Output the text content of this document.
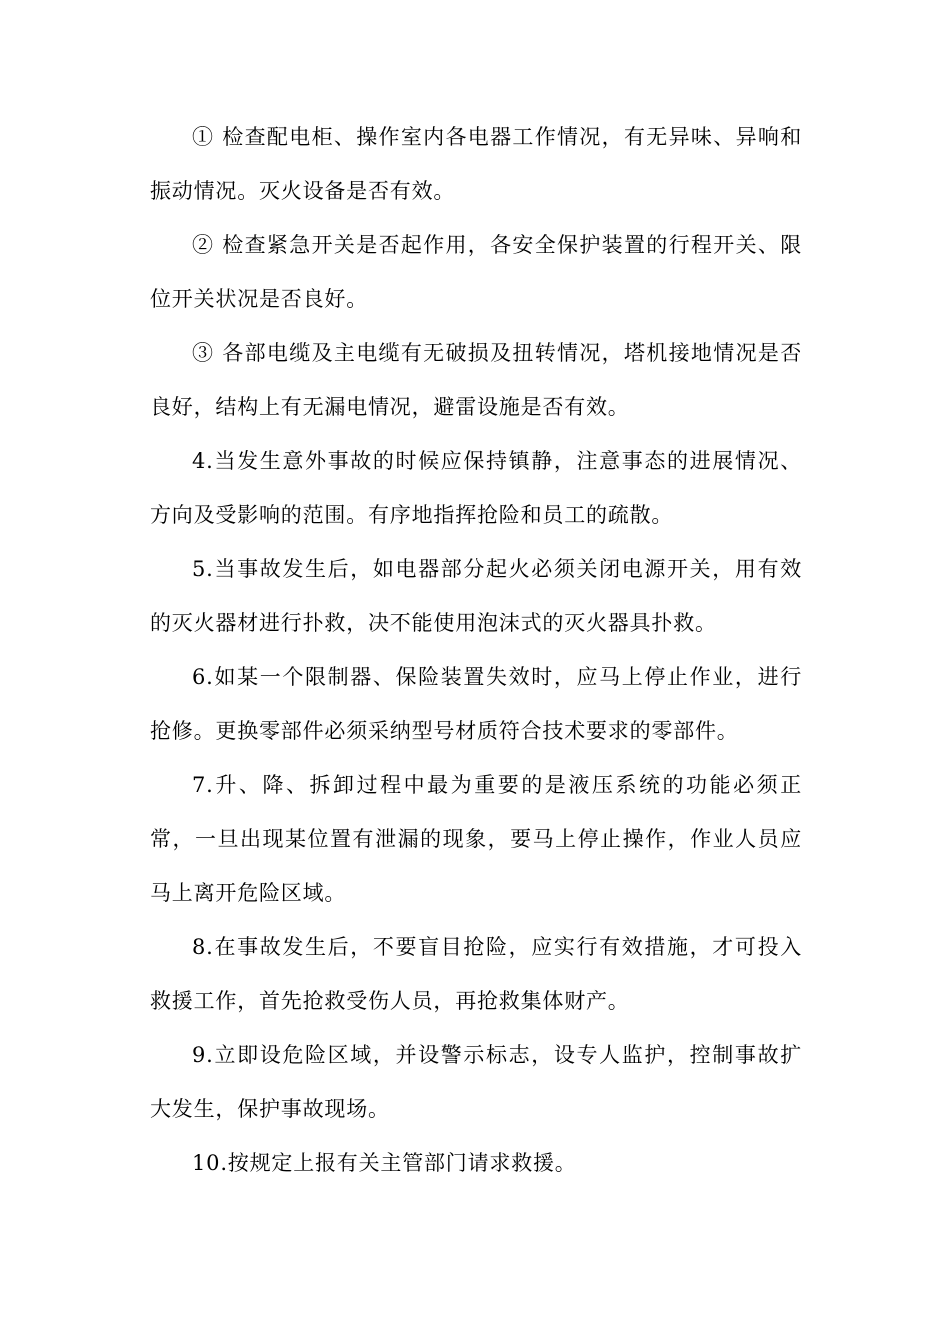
① 检查配电柜、操作室内各电器工作情况，有无异味、异响和振动情况。灭火设备是否有效。

② 检查紧急开关是否起作用，各安全保护装置的行程开关、限位开关状况是否良好。

③ 各部电缆及主电缆有无破损及扭转情况，塔机接地情况是否良好，结构上有无漏电情况，避雷设施是否有效。

4.当发生意外事故的时候应保持镇静，注意事态的进展情况、方向及受影响的范围。有序地指挥抢险和员工的疏散。

5.当事故发生后，如电器部分起火必须关闭电源开关，用有效的灭火器材进行扑救，决不能使用泡沫式的灭火器具扑救。

6.如某一个限制器、保险装置失效时，应马上停止作业，进行抢修。更换零部件必须采纳型号材质符合技术要求的零部件。

7.升、降、拆卸过程中最为重要的是液压系统的功能必须正常，一旦出现某位置有泄漏的现象，要马上停止操作，作业人员应马上离开危险区域。

8.在事故发生后，不要盲目抢险，应实行有效措施，才可投入救援工作，首先抢救受伤人员，再抢救集体财产。

9.立即设危险区域，并设警示标志，设专人监护，控制事故扩大发生，保护事故现场。

10.按规定上报有关主管部门请求救援。
